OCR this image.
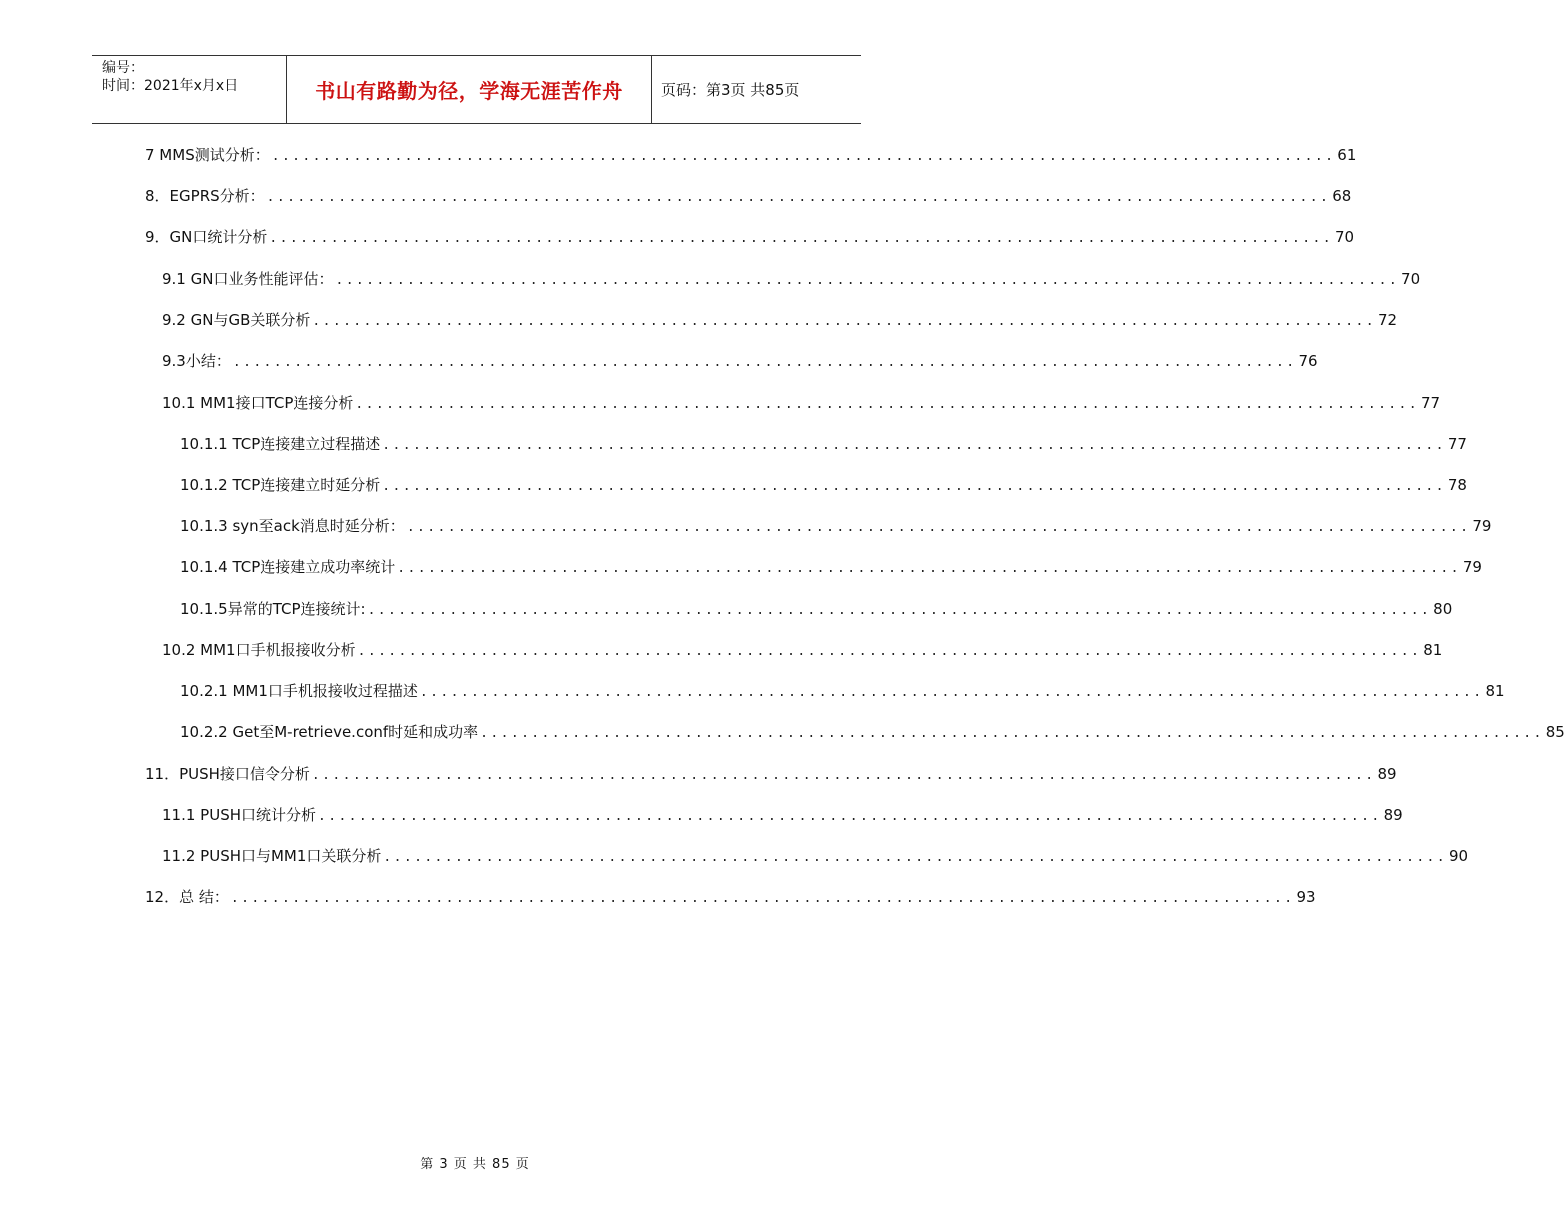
编号：
时间：2021年x月x日	书山有路勤为径，学海无涯苦作舟	页码：第3页 共85页
7 MMS测试分析： ........................................................................................................ 61
8．EGPRS分析： ........................................................................................................ 68
9．GN口统计分析 ........................................................................................................ 70
9.1 GN口业务性能评估： ........................................................................................................ 70
9.2 GN与GB关联分析 ........................................................................................................ 72
9.3小结： ........................................................................................................ 76
10.1 MM1接口TCP连接分析 ........................................................................................................ 77
10.1.1 TCP连接建立过程描述 ........................................................................................................ 77
10.1.2 TCP连接建立时延分析 ........................................................................................................ 78
10.1.3 syn至ack消息时延分析： ........................................................................................................ 79
10.1.4 TCP连接建立成功率统计 ........................................................................................................ 79
10.1.5异常的TCP连接统计: ........................................................................................................ 80
10.2 MM1口手机报接收分析 ........................................................................................................ 81
10.2.1 MM1口手机报接收过程描述 ........................................................................................................ 81
10.2.2 Get至M-retrieve.conf时延和成功率 ........................................................................................................ 85
11．PUSH接口信令分析 ........................................................................................................ 89
11.1 PUSH口统计分析 ........................................................................................................ 89
11.2 PUSH口与MM1口关联分析 ........................................................................................................ 90
12．总 结： ........................................................................................................ 93
第 3 页 共 85 页
